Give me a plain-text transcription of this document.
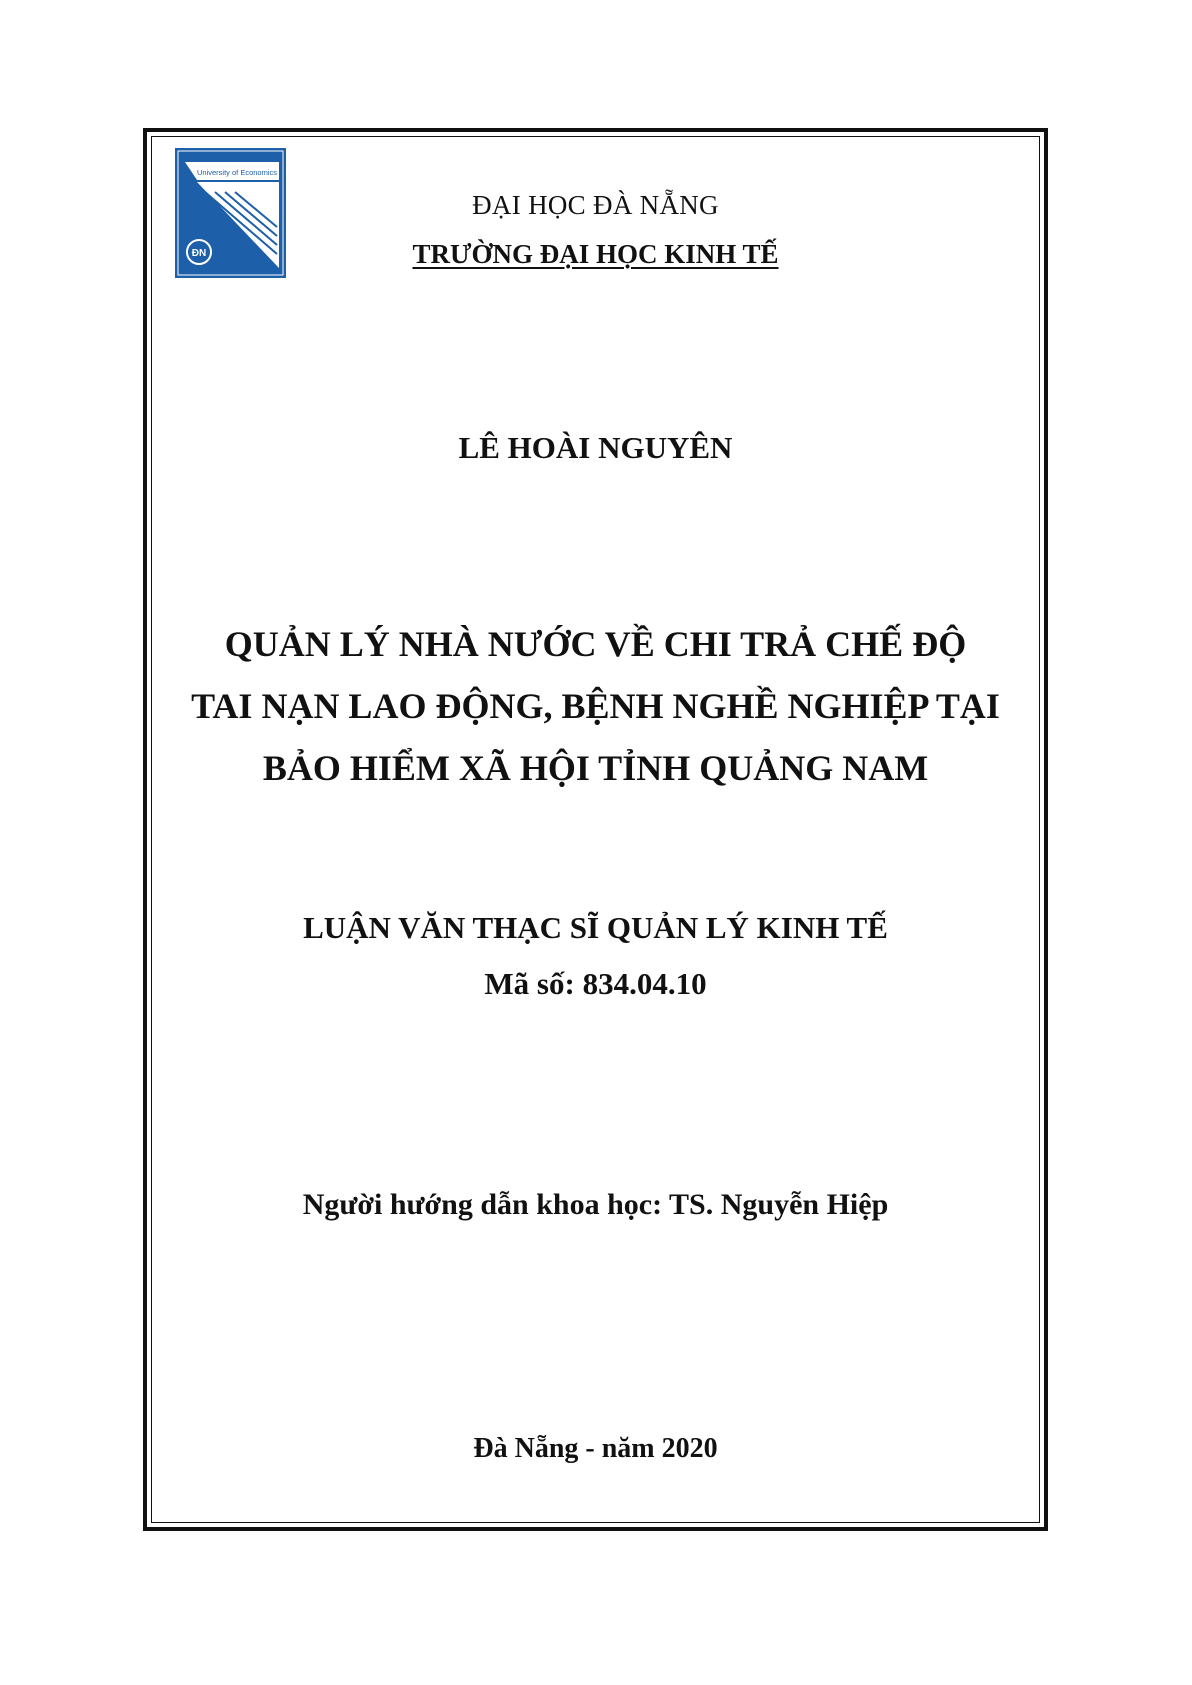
University of Economics
ĐN

ĐẠI HỌC ĐÀ NẴNG

TRƯỜNG ĐẠI HỌC KINH TẾ

LÊ HOÀI NGUYÊN

QUẢN LÝ NHÀ NƯỚC VỀ CHI TRẢ CHẾ ĐỘ
TAI NẠN LAO ĐỘNG, BỆNH NGHỀ NGHIỆP TẠI
BẢO HIỂM XÃ HỘI TỈNH QUẢNG NAM

LUẬN VĂN THẠC SĨ QUẢN LÝ KINH TẾ

Mã số: 834.04.10

Người hướng dẫn khoa học: TS. Nguyễn Hiệp

Đà Nẵng - năm 2020
